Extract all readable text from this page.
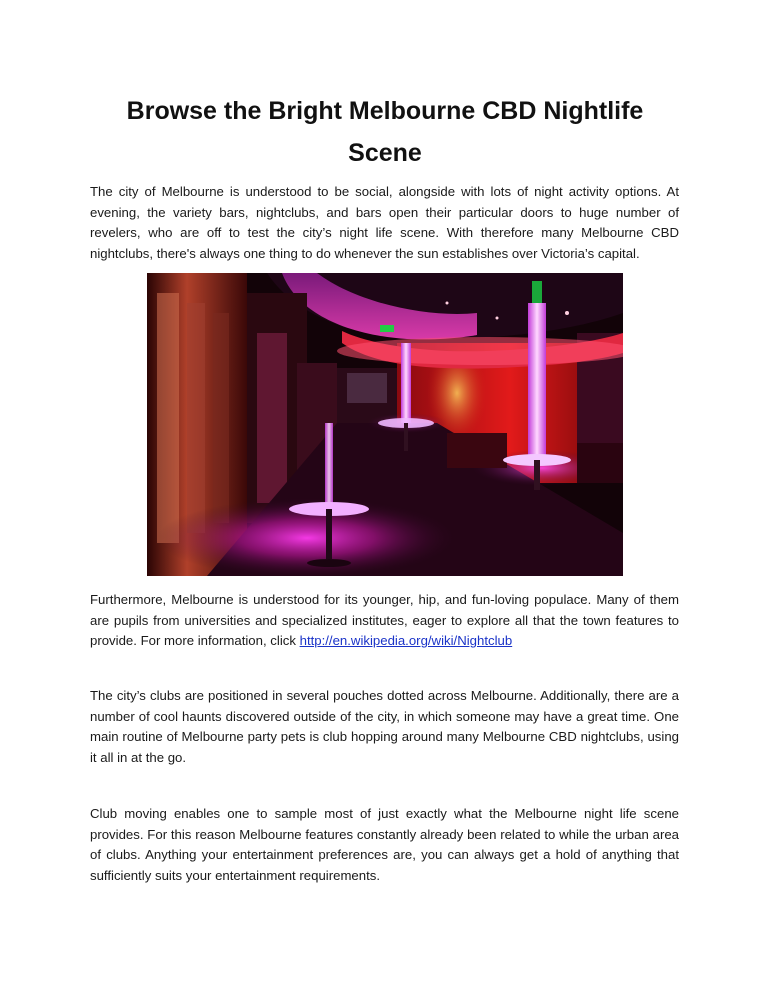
Browse the Bright Melbourne CBD Nightlife Scene
The city of Melbourne is understood to be social, alongside with lots of night activity options. At evening, the variety bars, nightclubs, and bars open their particular doors to huge number of revelers, who are off to test the city’s night life scene. With therefore many Melbourne CBD nightclubs, there's always one thing to do whenever the sun establishes over Victoria’s capital.
Furthermore, Melbourne is understood for its younger, hip, and fun-loving populace. Many of them are pupils from universities and specialized institutes, eager to explore all that the town features to provide. For more information, click http://en.wikipedia.org/wiki/Nightclub
The city’s clubs are positioned in several pouches dotted across Melbourne. Additionally, there are a number of cool haunts discovered outside of the city, in which someone may have a great time. One main routine of Melbourne party pets is club hopping around many Melbourne CBD nightclubs, using it all in at the go.
Club moving enables one to sample most of just exactly what the Melbourne night life scene provides. For this reason Melbourne features constantly already been related to while the urban area of clubs. Anything your entertainment preferences are, you can always get a hold of anything that sufficiently suits your entertainment requirements.
